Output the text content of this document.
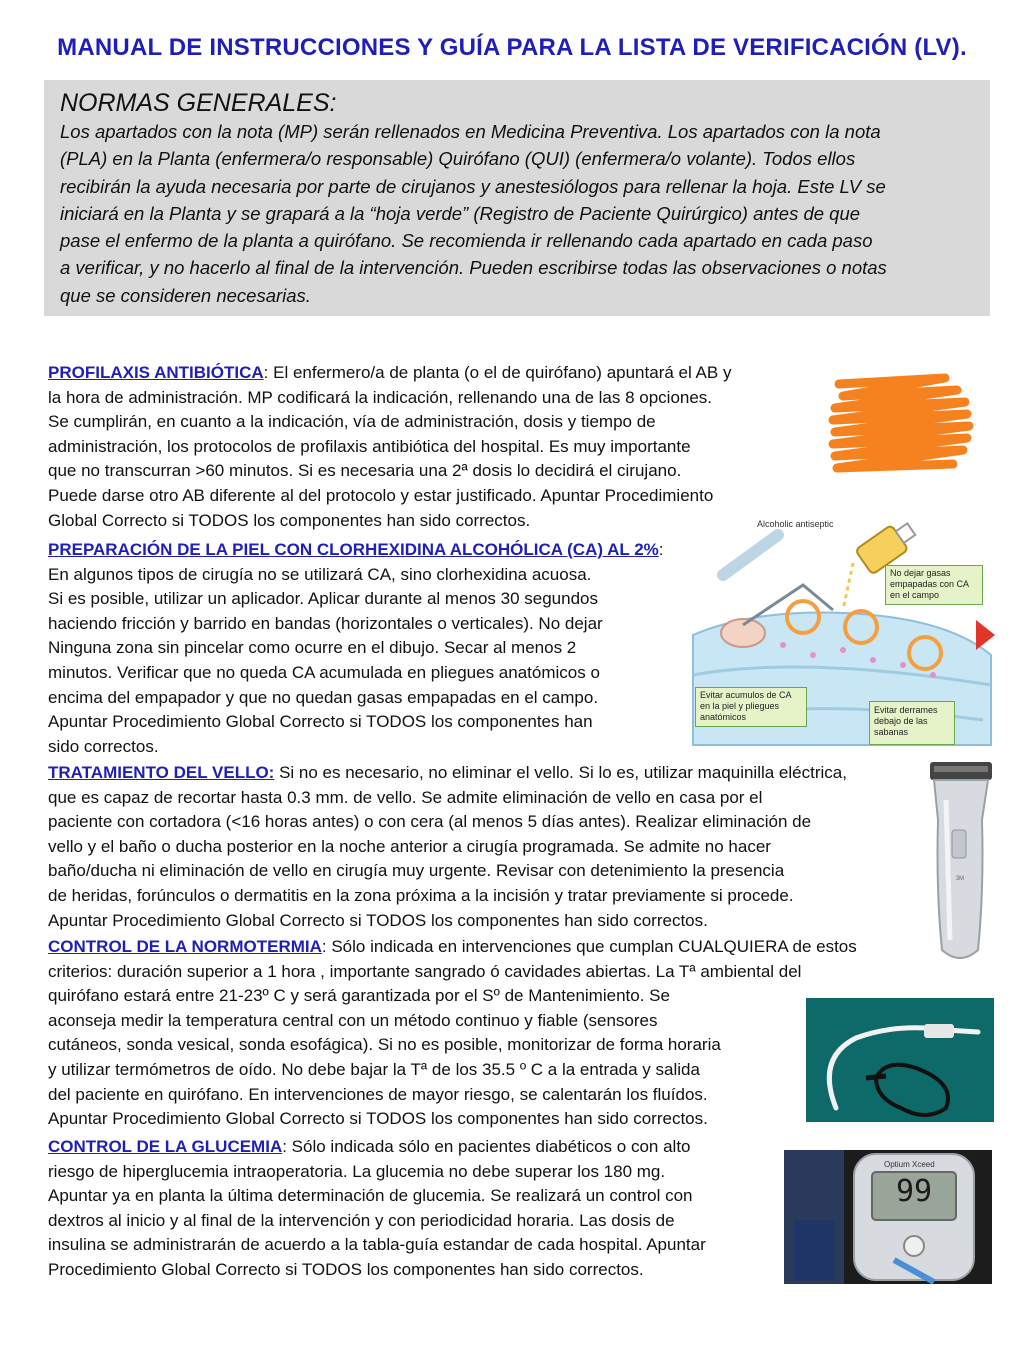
MANUAL DE INSTRUCCIONES Y GUÍA PARA LA LISTA DE VERIFICACIÓN (LV).
NORMAS GENERALES:
Los apartados con la nota (MP) serán rellenados en Medicina Preventiva. Los apartados con la nota
(PLA) en la Planta (enfermera/o responsable) Quirófano (QUI) (enfermera/o volante). Todos ellos
recibirán la ayuda necesaria por parte de cirujanos y anestesiólogos para rellenar la hoja. Este LV se
iniciará en la Planta y se grapará a la “hoja verde” (Registro de Paciente Quirúrgico) antes de que
pase el enfermo de la planta a quirófano. Se recomienda ir rellenando cada apartado en cada paso
a verificar, y no hacerlo al final de la intervención. Pueden escribirse todas las observaciones o notas
que se consideren necesarias.
PROFILAXIS ANTIBIÓTICA: El enfermero/a de planta (o el de quirófano) apuntará el AB y
la hora de administración. MP codificará la indicación, rellenando una de las 8 opciones.
Se cumplirán, en cuanto a la indicación, vía de administración, dosis y tiempo de
administración, los protocolos de profilaxis antibiótica del hospital. Es muy importante
que no transcurran >60 minutos. Si es necesaria una 2ª dosis lo decidirá el cirujano.
Puede darse otro AB diferente al del protocolo y estar justificado. Apuntar Procedimiento
Global Correcto si TODOS los componentes han sido correctos.
PREPARACIÓN DE LA PIEL CON CLORHEXIDINA ALCOHÓLICA (CA) AL 2%:
En algunos tipos de cirugía no se utilizará CA, sino clorhexidina acuosa.
Si es posible, utilizar un aplicador. Aplicar durante al menos 30 segundos
haciendo fricción y barrido en bandas (horizontales o verticales). No dejar
Ninguna zona sin pincelar como ocurre en el dibujo. Secar al menos 2
minutos. Verificar que no queda CA acumulada en pliegues anatómicos o
encima del empapador y que no quedan gasas empapadas en el campo.
Apuntar Procedimiento Global Correcto si TODOS los componentes han
sido correctos.
TRATAMIENTO DEL VELLO: Si no es necesario, no eliminar el vello. Si lo es, utilizar maquinilla eléctrica,
que es capaz de recortar hasta 0.3 mm. de vello. Se admite eliminación de vello en casa por el
paciente con cortadora (<16 horas antes) o con cera (al menos 5 días antes). Realizar eliminación de
vello y el baño o ducha posterior en la noche anterior a cirugía programada. Se admite no hacer
baño/ducha ni eliminación de vello en cirugía muy urgente. Revisar con detenimiento la presencia
de heridas, forúnculos o dermatitis en la zona próxima a la incisión y tratar previamente si procede.
Apuntar Procedimiento Global Correcto si TODOS los componentes han sido correctos.
CONTROL DE LA NORMOTERMIA: Sólo indicada en intervenciones que cumplan CUALQUIERA de estos
criterios: duración superior a 1 hora , importante sangrado ó cavidades abiertas. La Tª ambiental del
quirófano estará entre 21-23º C y será garantizada por el Sº de Mantenimiento. Se
aconseja medir la temperatura central con un método continuo y fiable (sensores
cutáneos, sonda vesical, sonda esofágica). Si no es posible, monitorizar de forma horaria
y utilizar termómetros de oído. No debe bajar la Tª de los 35.5 º C a la entrada y salida
del paciente en quirófano. En intervenciones de mayor riesgo, se calentarán los fluídos.
Apuntar Procedimiento Global Correcto si TODOS los componentes han sido correctos.
CONTROL DE LA GLUCEMIA: Sólo indicada sólo en pacientes diabéticos o con alto
riesgo de hiperglucemia intraoperatoria. La glucemia no debe superar los 180 mg.
Apuntar ya en planta la última determinación de glucemia. Se realizará un control con
dextros al inicio y al final de la intervención y con periodicidad horaria. Las dosis de
insulina se administrarán de acuerdo a la tabla-guía estandar de cada hospital. Apuntar
Procedimiento Global Correcto si TODOS los componentes han sido correctos.
Alcoholic antiseptic
No dejar gasas
empapadas con CA
en el campo
Evitar acumulos de CA
en la piel y pliegues
anatómicos
Evitar derrames
debajo de las
sabanas
3M
Optium Xceed
99
